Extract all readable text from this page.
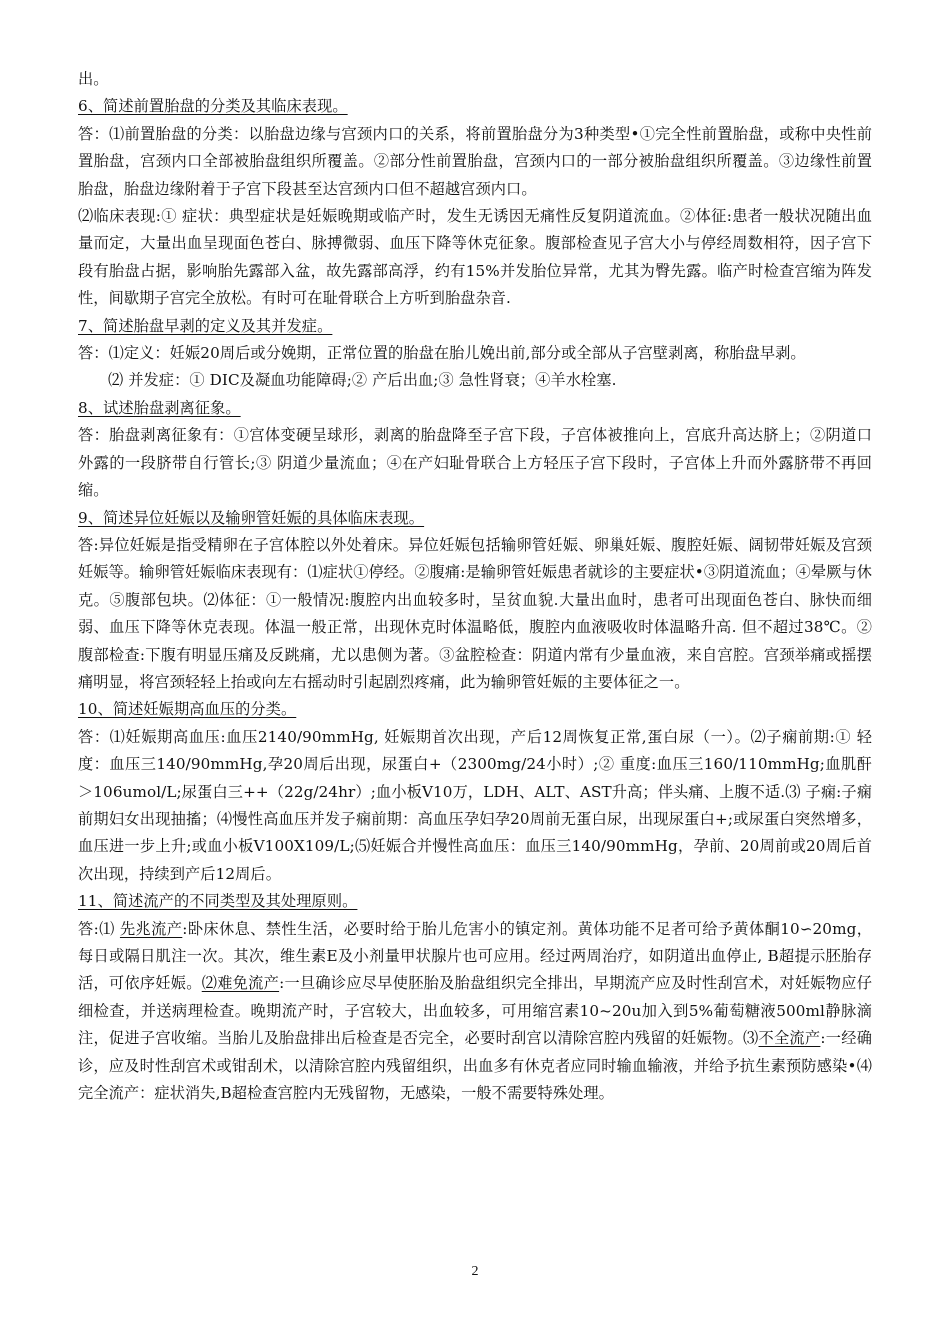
出。

6、简述前置胎盘的分类及其临床表现。

答：⑴前置胎盘的分类：以胎盘边缘与宫颈内口的关系，将前置胎盘分为3种类型•①完全性前置胎盘，或称中央性前置胎盘，宫颈内口全部被胎盘组织所覆盖。②部分性前置胎盘，宫颈内口的一部分被胎盘组织所覆盖。③边缘性前置胎盘，胎盘边缘附着于子宫下段甚至达宫颈内口但不超越宫颈内口。

⑵临床表现:① 症状：典型症状是妊娠晚期或临产时，发生无诱因无痛性反复阴道流血。②体征:患者一般状况随出血量而定，大量出血呈现面色苍白、脉搏微弱、血压下降等休克征象。腹部检查见子宫大小与停经周数相符，因子宫下段有胎盘占据，影响胎先露部入盆，故先露部高浮，约有15%并发胎位异常，尤其为臀先露。临产时检查宫缩为阵发性，间歇期子宫完全放松。有时可在耻骨联合上方听到胎盘杂音.

7、简述胎盘早剥的定义及其并发症。

答：⑴定义：妊娠20周后或分娩期，正常位置的胎盘在胎儿娩出前,部分或全部从子宫壁剥离，称胎盘早剥。

⑵ 并发症：① DIC及凝血功能障碍;② 产后出血;③ 急性肾衰；④羊水栓塞.

8、试述胎盘剥离征象。

答：胎盘剥离征象有：①宫体变硬呈球形，剥离的胎盘降至子宫下段，子宫体被推向上，宫底升高达脐上；②阴道口外露的一段脐带自行管长;③ 阴道少量流血；④在产妇耻骨联合上方轻压子宫下段时，子宫体上升而外露脐带不再回缩。

9、简述异位妊娠以及输卵管妊娠的具体临床表现。

答:异位妊娠是指受精卵在子宫体腔以外处着床。异位妊娠包括输卵管妊娠、卵巢妊娠、腹腔妊娠、阔韧带妊娠及宫颈妊娠等。输卵管妊娠临床表现有：⑴症状①停经。②腹痛:是输卵管妊娠患者就诊的主要症状•③阴道流血；④晕厥与休克。⑤腹部包块。⑵体征：①一般情况:腹腔内出血较多时，呈贫血貌.大量出血时，患者可出现面色苍白、脉快而细弱、血压下降等休克表现。体温一般正常，出现休克时体温略低，腹腔内血液吸收时体温略升高. 但不超过38℃。②腹部检查:下腹有明显压痛及反跳痛，尤以患侧为著。③盆腔检查：阴道内常有少量血液，来自宫腔。宫颈举痛或摇摆痛明显，将宫颈轻轻上抬或向左右摇动时引起剧烈疼痛，此为输卵管妊娠的主要体征之一。

10、简述妊娠期高血压的分类。

答：⑴妊娠期高血压:血压2140/90mmHg, 妊娠期首次出现，产后12周恢复正常,蛋白尿（一）。⑵子痫前期:① 轻度：血压三140/90mmHg,孕20周后出现，尿蛋白+（2300mg/24小时）;② 重度:血压三160/110mmHg;血肌酐＞106umol/L;尿蛋白三++（22g/24hr）;血小板V10万，LDH、ALT、AST升高；伴头痛、上腹不适.⑶ 子痫:子痫前期妇女出现抽搐；⑷慢性高血压并发子痫前期：高血压孕妇孕20周前无蛋白尿，出现尿蛋白+;或尿蛋白突然增多，血压进一步上升;或血小板V100X109/L;⑸妊娠合并慢性高血压：血压三140/90mmHg，孕前、20周前或20周后首次出现，持续到产后12周后。

11、简述流产的不同类型及其处理原则。

答:⑴ 先兆流产:卧床休息、禁性生活，必要时给于胎儿危害小的镇定剂。黄体功能不足者可给予黄体酮10∽20mg，每日或隔日肌注一次。其次，维生素E及小剂量甲状腺片也可应用。经过两周治疗，如阴道出血停止, B超提示胚胎存活，可依序妊娠。⑵难免流产:一旦确诊应尽早使胚胎及胎盘组织完全排出，早期流产应及时性刮宫术，对妊娠物应仔细检查，并送病理检查。晚期流产时，子宫较大，出血较多，可用缩宫素10~20u加入到5%葡萄糖液500ml静脉滴注，促进子宫收缩。当胎儿及胎盘排出后检查是否完全，必要时刮宫以清除宫腔内残留的妊娠物。⑶不全流产:一经确诊，应及时性刮宫术或钳刮术，以清除宫腔内残留组织，出血多有休克者应同时输血输液，并给予抗生素预防感染•⑷完全流产：症状消失,B超检查宫腔内无残留物，无感染，一般不需要特殊处理。

2
